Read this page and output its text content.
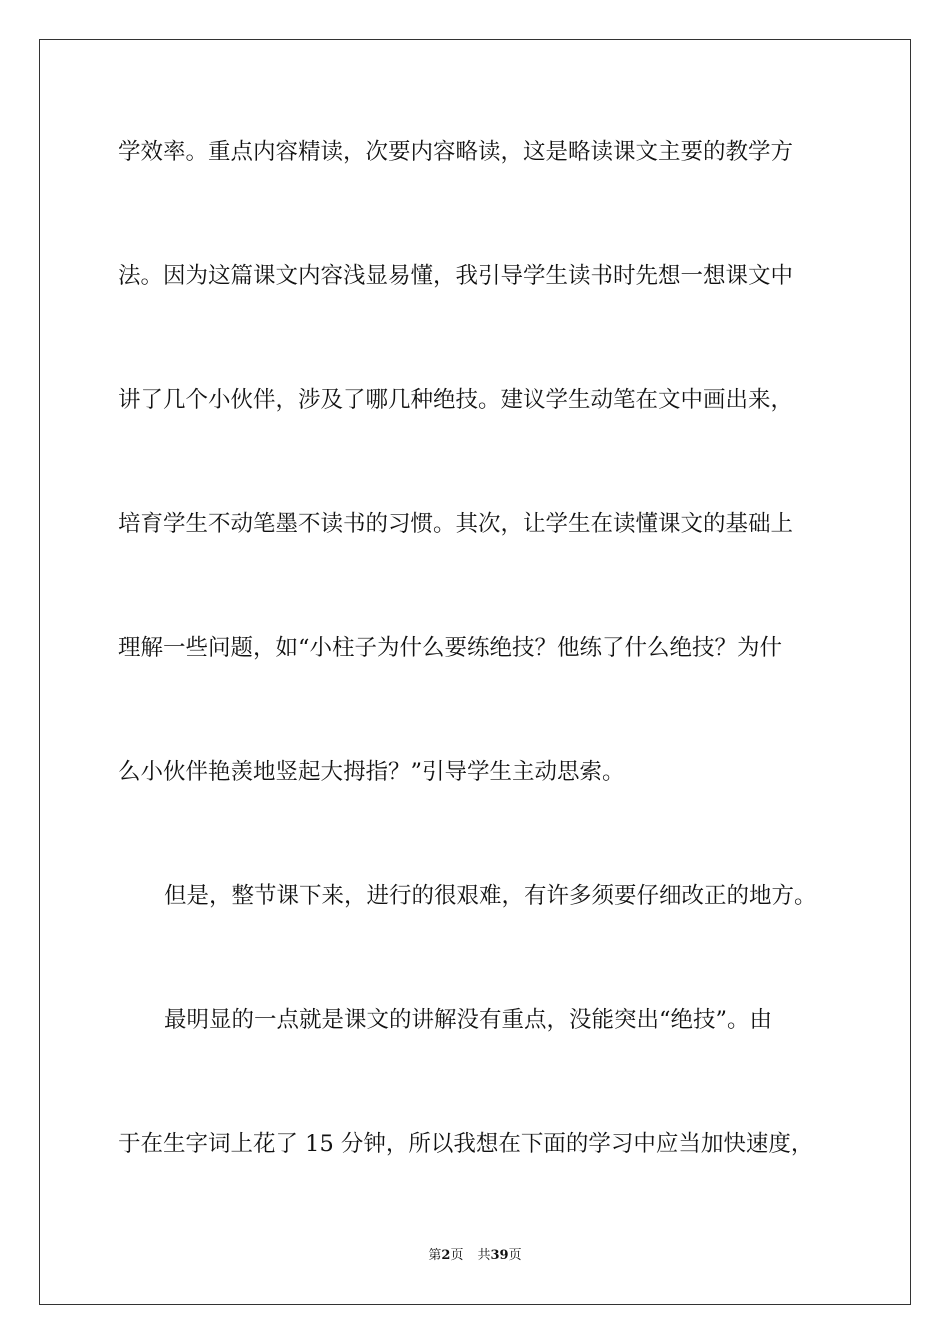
学效率。重点内容精读，次要内容略读，这是略读课文主要的教学方
法。因为这篇课文内容浅显易懂，我引导学生读书时先想一想课文中
讲了几个小伙伴，涉及了哪几种绝技。建议学生动笔在文中画出来，
培育学生不动笔墨不读书的习惯。其次，让学生在读懂课文的基础上
理解一些问题，如“小柱子为什么要练绝技？他练了什么绝技？为什
么小伙伴艳羡地竖起大拇指？”引导学生主动思索。
但是，整节课下来，进行的很艰难，有许多须要仔细改正的地方。
最明显的一点就是课文的讲解没有重点，没能突出“绝技”。由
于在生字词上花了 15 分钟，所以我想在下面的学习中应当加快速度，
第2页 共39页
